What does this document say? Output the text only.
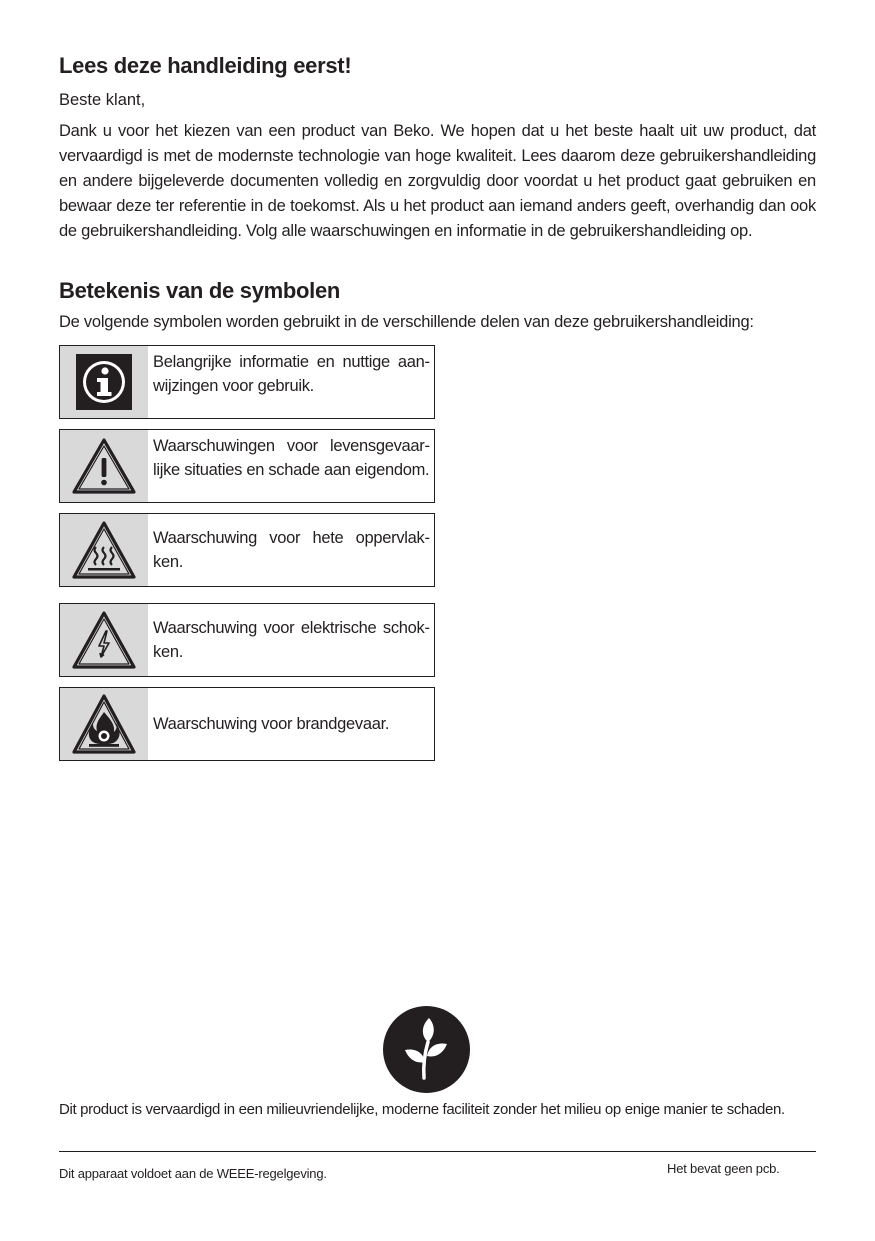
Lees deze handleiding eerst!

Beste klant,

Dank u voor het kiezen van een product van Beko. We hopen dat u het beste haalt uit uw product, dat vervaardigd is met de modernste technologie van hoge kwaliteit. Lees daarom deze gebruikershandleiding en andere bijgeleverde documenten volledig en zorgvuldig door voordat u het product gaat gebruiken en bewaar deze ter referentie in de toekomst. Als u het product aan iemand anders geeft, overhandig dan ook de gebruikershandleiding. Volg alle waarschuwingen en informatie in de gebruikershandleiding op.

Betekenis van de symbolen

De volgende symbolen worden gebruikt in de verschillende delen van deze gebruikershandleiding:

Belangrijke informatie en nuttige aanwijzingen voor gebruik.
Waarschuwingen voor levensgevaarlijke situaties en schade aan eigendom.
Waarschuwing voor hete oppervlakken.
Waarschuwing voor elektrische schokken.
Waarschuwing voor brandgevaar.

Dit product is vervaardigd in een milieuvriendelijke, moderne faciliteit zonder het milieu op enige manier te schaden.

Dit apparaat voldoet aan de WEEE-regelgeving.	Het bevat geen pcb.
